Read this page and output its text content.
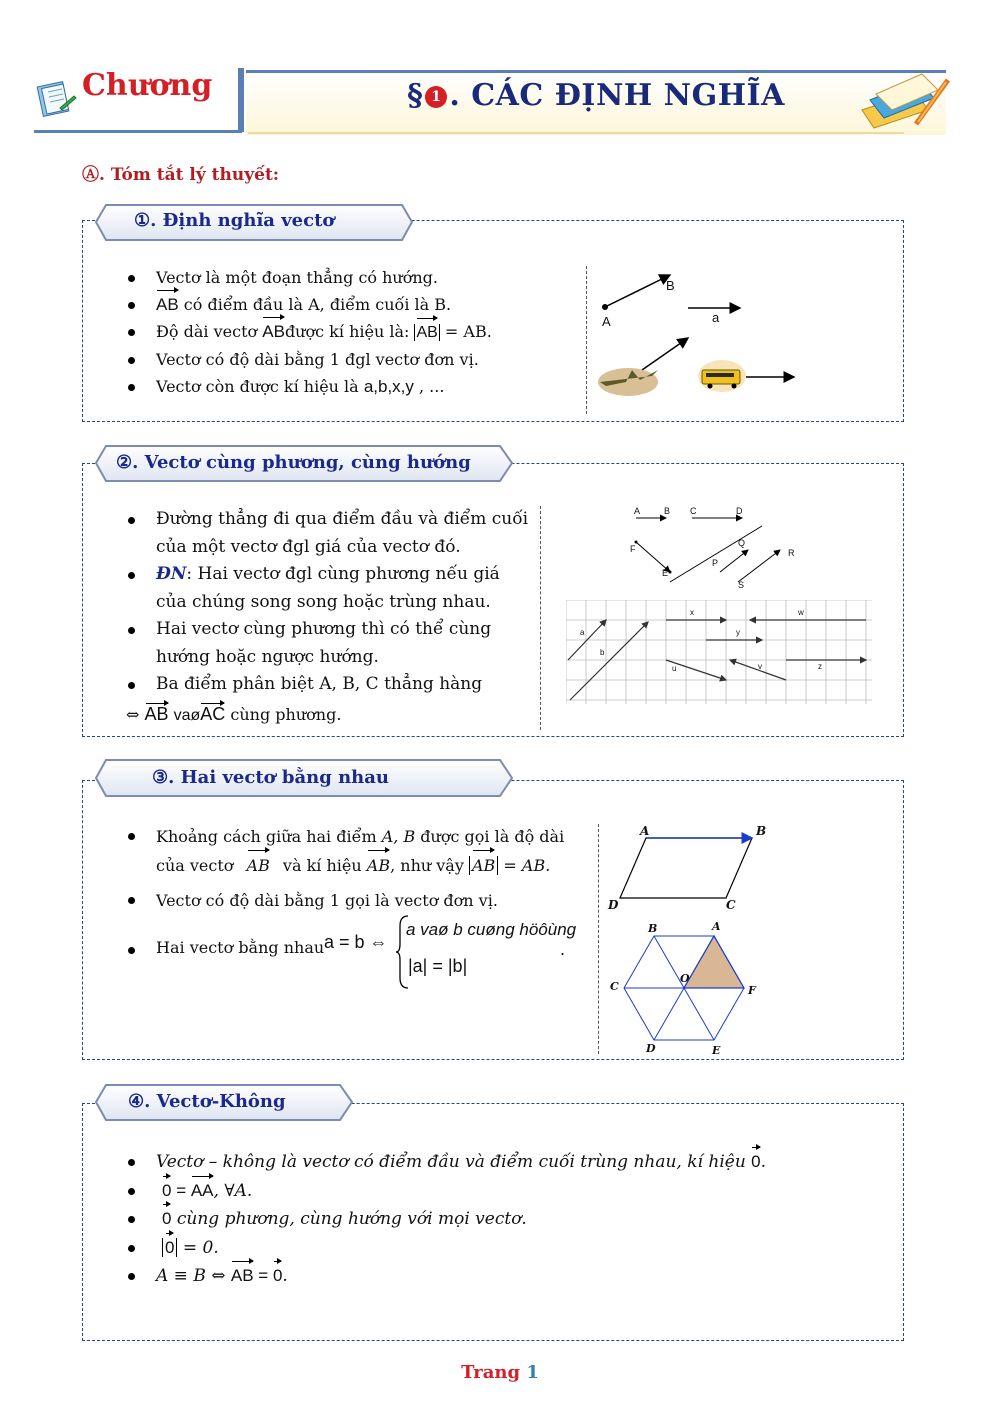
Chương	§ 1 . CÁC ĐỊNH NGHĨA
Ⓐ. Tóm tắt lý thuyết:
①. Định nghĩa vectơ
Vectơ là một đoạn thẳng có hướng.
AB có điểm đầu là A, điểm cuối là B.
Độ dài vectơ ABđược kí hiệu là: AB = AB.
Vectơ có độ dài bằng 1 đgl vectơ đơn vị.
Vectơ còn được kí hiệu là a,b,x,y , ...
A
B
a
②. Vectơ cùng phương, cùng hướng
Đường thẳng đi qua điểm đầu và điểm cuối của một vectơ đgl giá của vectơ đó.
ĐN: Hai vectơ đgl cùng phương nếu giá của chúng song song hoặc trùng nhau.
Hai vectơ cùng phương thì có thể cùng hướng hoặc ngược hướng.
Ba điểm phân biệt A, B, C thẳng hàng
⇔ AB vaøAC cùng phương.
A	B C	D
F
E
Q
P
R
S
a
b
x
y
w
u	v	z
③. Hai vectơ bằng nhau
Khoảng cách giữa hai điểm A, B được gọi là độ dài của vectơ AB và kí hiệu AB, như vậy AB = AB.
Vectơ có độ dài bằng 1 gọi là vectơ đơn vị.
Hai vectơ bằng nhau a = b ⇔
a vaø b cuøng höôùng
|a| = |b|
.
A	B
D	C
B	A
C
O
F
D	E
④. Vectơ-Không
Vectơ – không là vectơ có điểm đầu và điểm cuối trùng nhau, kí hiệu 0.
0 = AA, ∀A.
0 cùng phương, cùng hướng với mọi vectơ.
0 = 0.
A ≡ B ⇔ AB = 0.
Trang 1
